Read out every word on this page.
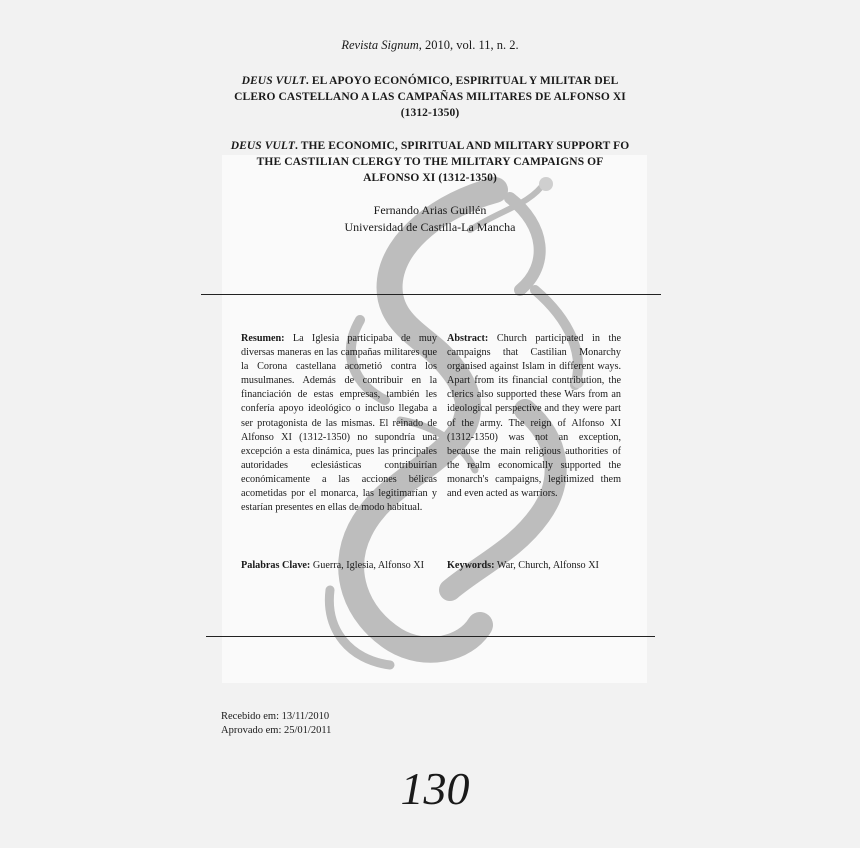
Revista Signum, 2010, vol. 11, n. 2.
DEUS VULT. EL APOYO ECONÓMICO, ESPIRITUAL Y MILITAR DEL
CLERO CASTELLANO A LAS CAMPAÑAS MILITARES DE ALFONSO XI
(1312-1350)
DEUS VULT. THE ECONOMIC, SPIRITUAL AND MILITARY SUPPORT FO
THE CASTILIAN CLERGY TO THE MILITARY CAMPAIGNS OF
ALFONSO XI (1312-1350)
Fernando Arias Guillén
Universidad de Castilla-La Mancha
Resumen: La Iglesia participaba de muy diversas maneras en las campañas militares que la Corona castellana acometió contra los musulmanes. Además de contribuir en la financiación de estas empresas, también les confería apoyo ideológico o incluso llegaba a ser protagonista de las mismas. El reinado de Alfonso XI (1312-1350) no supondría una excepción a esta dinámica, pues las principales autoridades eclesiásticas contribuirían económicamente a las acciones bélicas acometidas por el monarca, las legitimarían y estarían presentes en ellas de modo habitual.
Abstract: Church participated in the campaigns that Castilian Monarchy organised against Islam in different ways. Apart from its financial contribution, the clerics also supported these Wars from an ideological perspective and they were part of the army. The reign of Alfonso XI (1312-1350) was not an exception, because the main religious authorities of the realm economically supported the monarch's campaigns, legitimized them and even acted as warriors.
Palabras Clave: Guerra, Iglesia, Alfonso XI	Keywords: War, Church, Alfonso XI
Recebido em: 13/11/2010
Aprovado em: 25/01/2011
130
